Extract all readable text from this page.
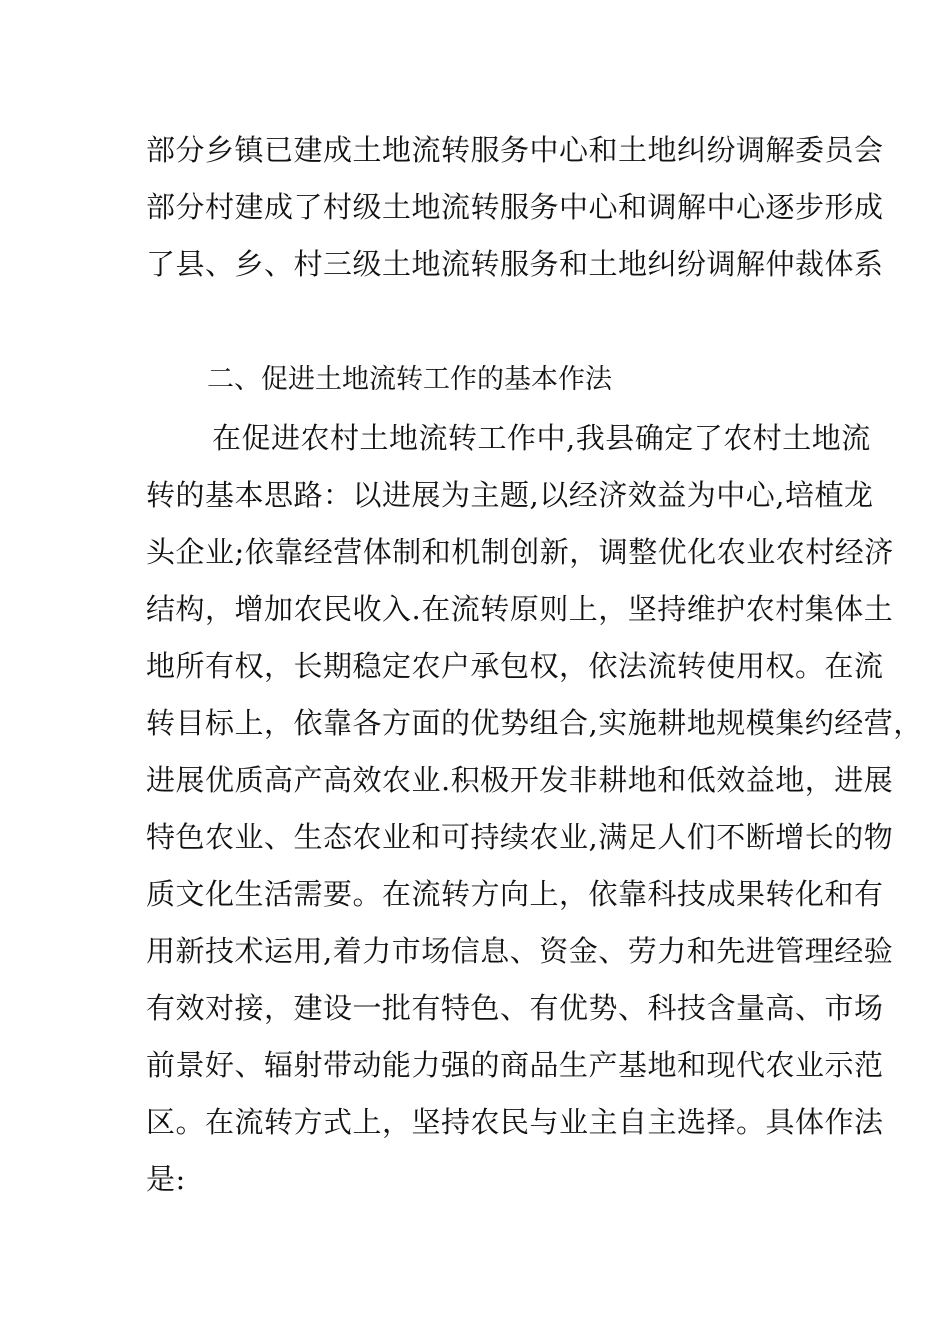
部分乡镇已建成土地流转服务中心和土地纠纷调解委员会
部分村建成了村级土地流转服务中心和调解中心逐步形成
了县、乡、村三级土地流转服务和土地纠纷调解仲裁体系
二、促进土地流转工作的基本作法
在促进农村土地流转工作中,我县确定了农村土地流
转的基本思路：以进展为主题,以经济效益为中心,培植龙
头企业;依靠经营体制和机制创新，调整优化农业农村经济
结构，增加农民收入.在流转原则上，坚持维护农村集体土
地所有权，长期稳定农户承包权，依法流转使用权。在流
转目标上，依靠各方面的优势组合,实施耕地规模集约经营，
进展优质高产高效农业.积极开发非耕地和低效益地，进展
特色农业、生态农业和可持续农业,满足人们不断增长的物
质文化生活需要。在流转方向上，依靠科技成果转化和有
用新技术运用,着力市场信息、资金、劳力和先进管理经验
有效对接，建设一批有特色、有优势、科技含量高、市场
前景好、辐射带动能力强的商品生产基地和现代农业示范
区。在流转方式上，坚持农民与业主自主选择。具体作法
是:
